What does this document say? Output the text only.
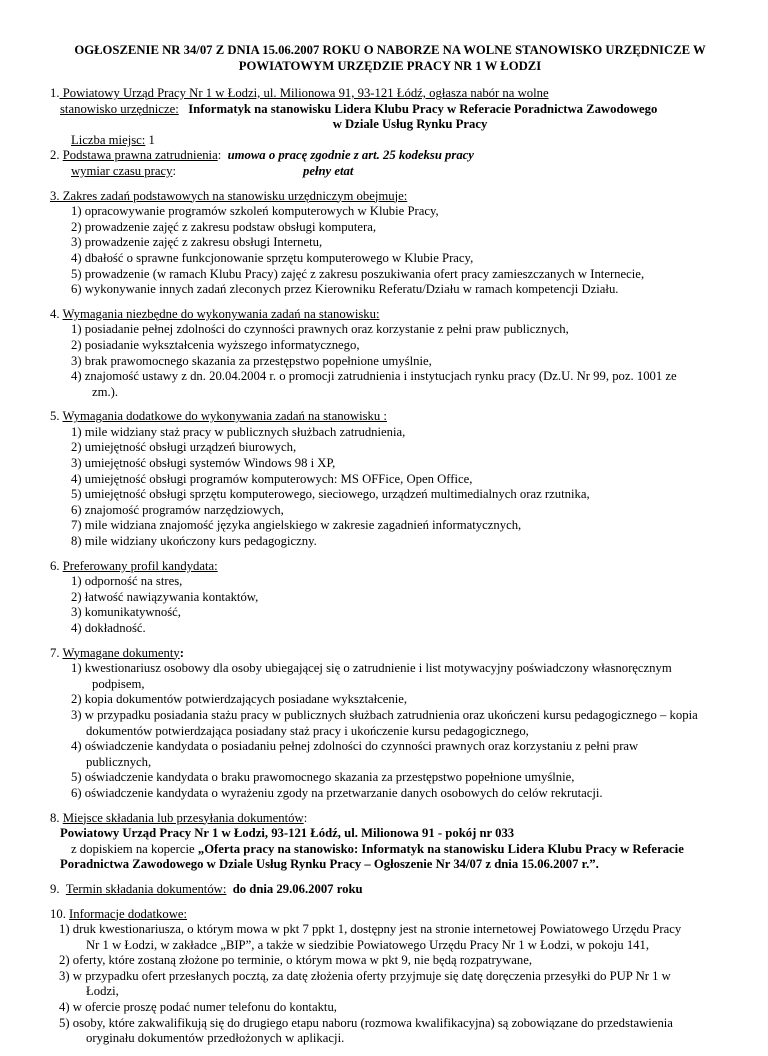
OGŁOSZENIE NR 34/07 Z DNIA 15.06.2007 ROKU O NABORZE NA WOLNE STANOWISKO URZĘDNICZE W
POWIATOWYM URZĘDZIE PRACY NR 1 W ŁODZI
1. Powiatowy Urząd Pracy Nr 1 w Łodzi, ul. Milionowa 91, 93-121 Łódź, ogłasza nabór na wolne
stanowisko urzędnicze: Informatyk na stanowisku Lidera Klubu Pracy w Referacie Poradnictwa Zawodowego
w Dziale Usług Rynku Pracy
Liczba miejsc: 1
2. Podstawa prawna zatrudnienia:  umowa o pracę zgodnie z art. 25 kodeksu pracy
wymiar czasu pracy:	pełny etat
3. Zakres zadań podstawowych na stanowisku urzędniczym obejmuje:
1) opracowywanie programów szkoleń komputerowych w Klubie Pracy,
2) prowadzenie zajęć z zakresu podstaw obsługi komputera,
3) prowadzenie zajęć z zakresu obsługi Internetu,
4) dbałość o sprawne funkcjonowanie sprzętu komputerowego w Klubie Pracy,
5) prowadzenie (w ramach Klubu Pracy) zajęć z zakresu poszukiwania ofert pracy zamieszczanych w Internecie,
6) wykonywanie innych zadań zleconych przez Kierowniku Referatu/Działu w ramach kompetencji Działu.
4. Wymagania niezbędne do wykonywania zadań na stanowisku:
1) posiadanie pełnej zdolności do czynności prawnych oraz korzystanie z pełni praw publicznych,
2) posiadanie wykształcenia wyższego informatycznego,
3) brak prawomocnego skazania za przestępstwo popełnione umyślnie,
4) znajomość ustawy z dn. 20.04.2004 r. o promocji zatrudnienia i instytucjach rynku pracy (Dz.U. Nr 99, poz. 1001 ze
zm.).
5. Wymagania dodatkowe do wykonywania zadań na stanowisku :
1) mile widziany staż pracy w publicznych służbach zatrudnienia,
2) umiejętność obsługi urządzeń biurowych,
3) umiejętność obsługi systemów Windows 98 i XP,
4) umiejętność obsługi programów komputerowych: MS OFFice, Open Office,
5) umiejętność obsługi sprzętu komputerowego, sieciowego, urządzeń multimedialnych oraz rzutnika,
6) znajomość programów narzędziowych,
7) mile widziana znajomość języka angielskiego w zakresie zagadnień informatycznych,
8) mile widziany ukończony kurs pedagogiczny.
6. Preferowany profil kandydata:
1) odporność na stres,
2) łatwość nawiązywania kontaktów,
3) komunikatywność,
4) dokładność.
7. Wymagane dokumenty:
1) kwestionariusz osobowy dla osoby ubiegającej się o zatrudnienie i list motywacyjny poświadczony własnoręcznym
podpisem,
2) kopia dokumentów potwierdzających posiadane wykształcenie,
3) w przypadku posiadania stażu pracy w publicznych służbach zatrudnienia oraz ukończeni kursu pedagogicznego – kopia
dokumentów potwierdzająca posiadany staż pracy i ukończenie kursu pedagogicznego,
4) oświadczenie kandydata o posiadaniu pełnej zdolności do czynności prawnych oraz korzystaniu z pełni praw
publicznych,
5) oświadczenie kandydata o braku prawomocnego skazania za przestępstwo popełnione umyślnie,
6) oświadczenie kandydata o wyrażeniu zgody na przetwarzanie danych osobowych do celów rekrutacji.
8. Miejsce składania lub przesyłania dokumentów:
Powiatowy Urząd Pracy Nr 1 w Łodzi, 93-121 Łódź, ul. Milionowa 91 - pokój nr 033
z dopiskiem na kopercie „Oferta pracy na stanowisko: Informatyk na stanowisku Lidera Klubu Pracy w Referacie
Poradnictwa Zawodowego w Dziale Usług Rynku Pracy – Ogłoszenie Nr 34/07 z dnia 15.06.2007 r.”.
9. Termin składania dokumentów: do dnia 29.06.2007 roku
10. Informacje dodatkowe:
1) druk kwestionariusza, o którym mowa w pkt 7 ppkt 1, dostępny jest na stronie internetowej Powiatowego Urzędu Pracy
Nr 1 w Łodzi, w zakładce „BIP”, a także w siedzibie Powiatowego Urzędu Pracy Nr 1 w Łodzi, w pokoju 141,
2) oferty, które zostaną złożone po terminie, o którym mowa w pkt 9, nie będą rozpatrywane,
3) w przypadku ofert przesłanych pocztą, za datę złożenia oferty przyjmuje się datę doręczenia przesyłki do PUP Nr 1 w
Łodzi,
4) w ofercie proszę podać numer telefonu do kontaktu,
5) osoby, które zakwalifikują się do drugiego etapu naboru (rozmowa kwalifikacyjna) są zobowiązane do przedstawienia
oryginału dokumentów przedłożonych w aplikacji.
